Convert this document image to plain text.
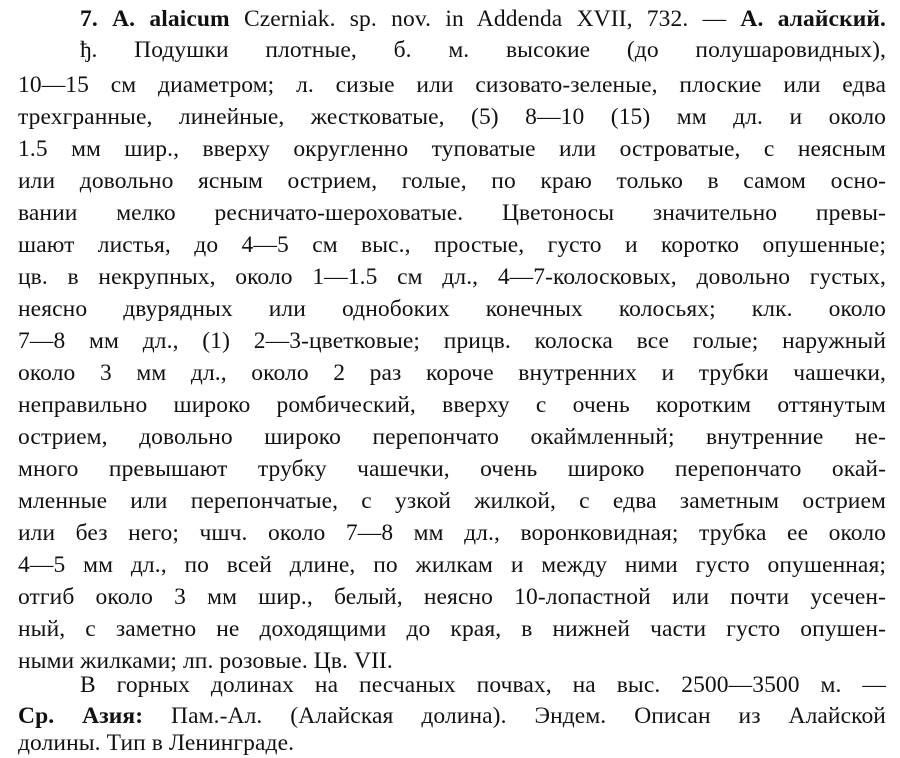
7. A. alaicum Czerniak. sp. nov. in Addenda XVII, 732. — А. алайский.
ђ. Подушки плотные, б. м. высокие (до полушаровидных),
10—15 см диаметром; л. сизые или сизовато-зеленые, плоские или едва
трехгранные, линейные, жестковатые, (5) 8—10 (15) мм дл. и около
1.5 мм шир., вверху округленно туповатые или островатые, с неясным
или довольно ясным острием, голые, по краю только в самом осно-
вании мелко ресничато-шероховатые. Цветоносы значительно превы-
шают листья, до 4—5 см выс., простые, густо и коротко опушенные;
цв. в некрупных, около 1—1.5 см дл., 4—7-колосковых, довольно густых,
неясно двурядных или однобоких конечных колосьях; клк. около
7—8 мм дл., (1) 2—3-цветковые; прицв. колоска все голые; наружный
около 3 мм дл., около 2 раз короче внутренних и трубки чашечки,
неправильно широко ромбический, вверху с очень коротким оттянутым
острием, довольно широко перепончато окаймленный; внутренние не-
много превышают трубку чашечки, очень широко перепончато окай-
мленные или перепончатые, с узкой жилкой, с едва заметным острием
или без него; чшч. около 7—8 мм дл., воронковидная; трубка ее около
4—5 мм дл., по всей длине, по жилкам и между ними густо опушенная;
отгиб около 3 мм шир., белый, неясно 10-лопастной или почти усечен-
ный, с заметно не доходящими до края, в нижней части густо опушен-
ными жилками; лп. розовые. Цв. VII.
В горных долинах на песчаных почвах, на выс. 2500—3500 м. —
Ср. Азия: Пам.-Ал. (Алайская долина). Эндем. Описан из Алайской
долины. Тип в Ленинграде.
